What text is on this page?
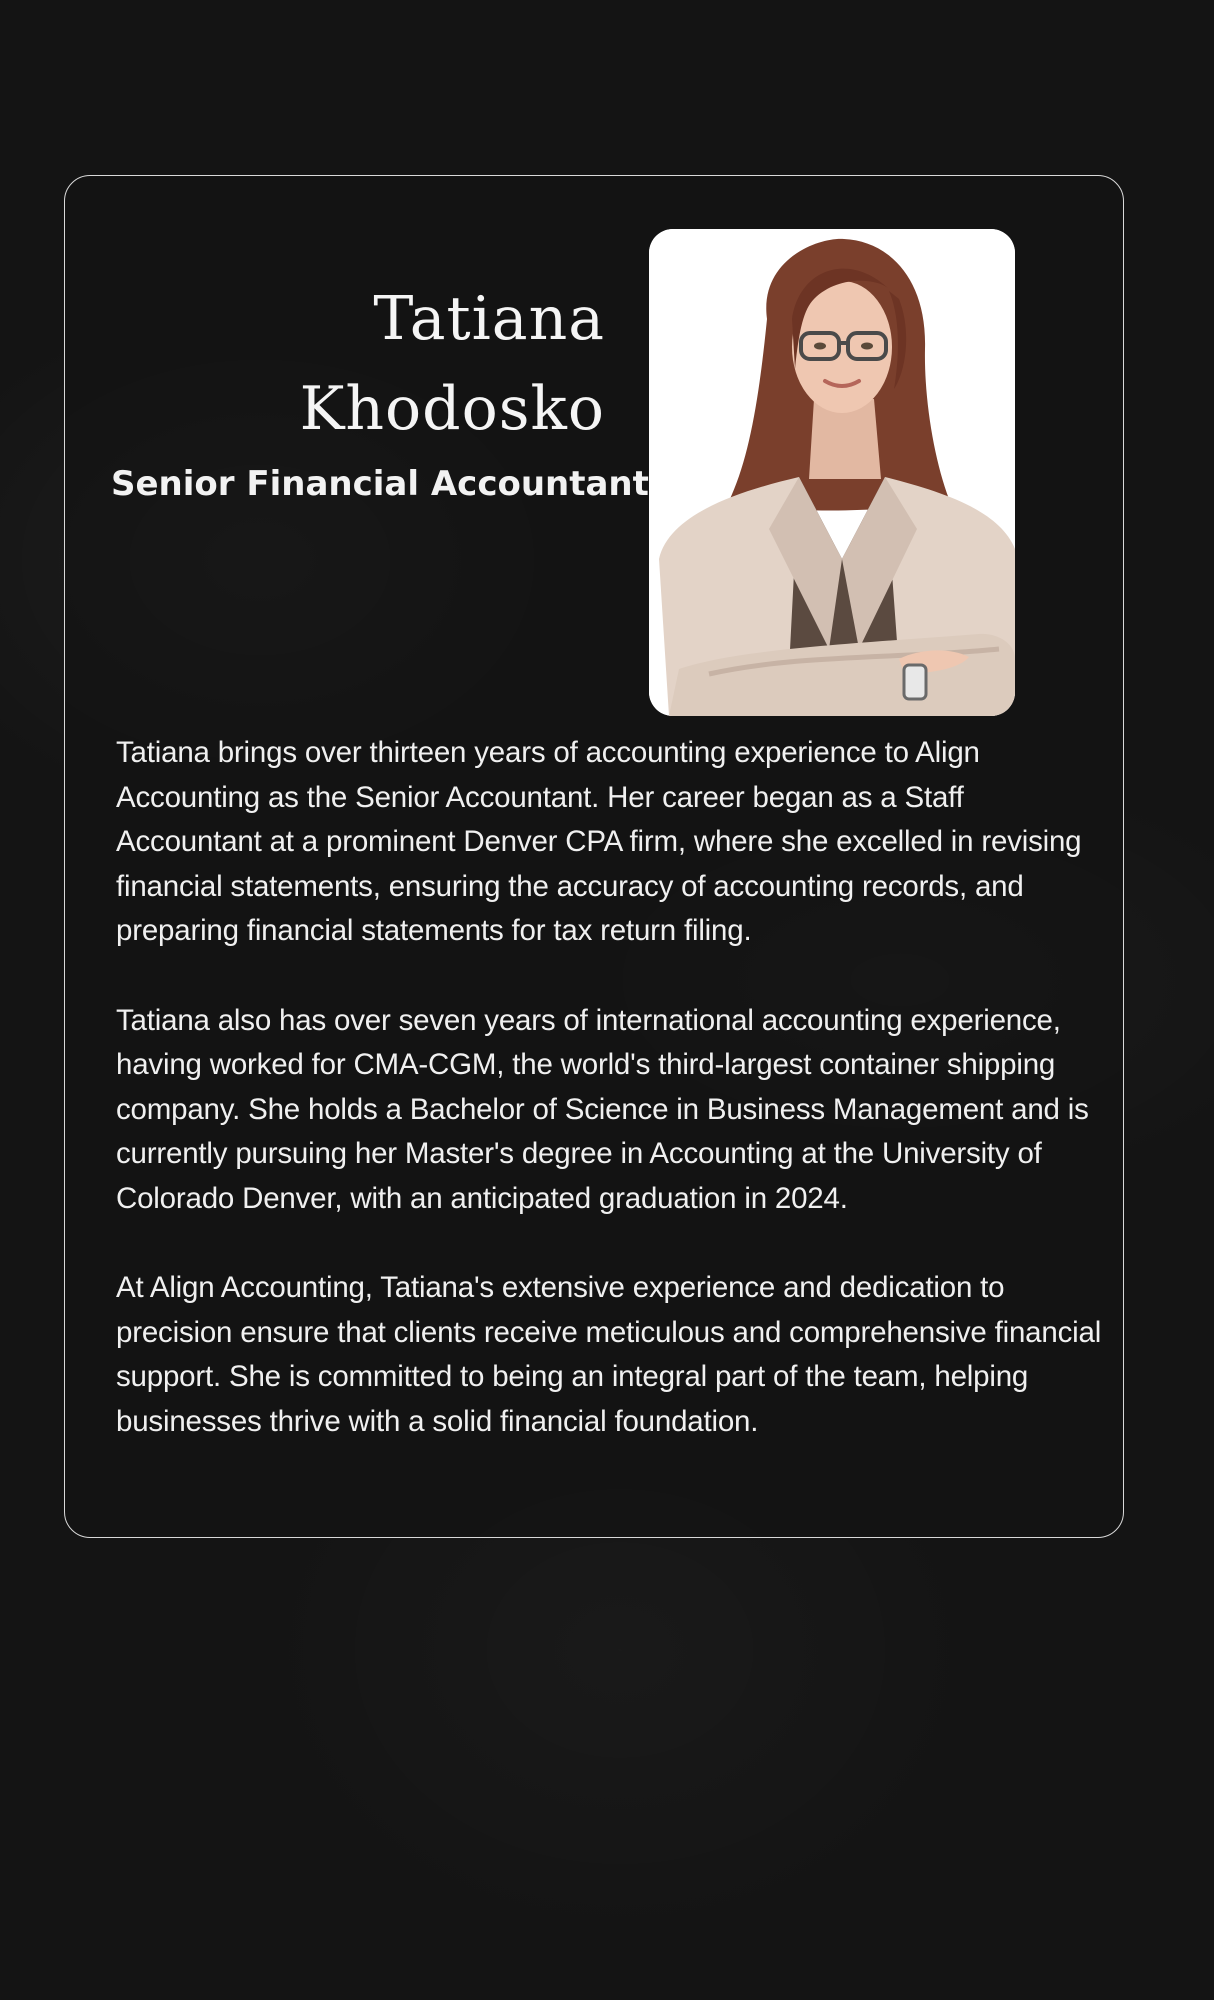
Tatiana
Khodosko
Senior Financial Accountant

Tatiana brings over thirteen years of accounting experience to Align Accounting as the Senior Accountant. Her career began as a Staff Accountant at a prominent Denver CPA firm, where she excelled in revising financial statements, ensuring the accuracy of accounting records, and preparing financial statements for tax return filing.

Tatiana also has over seven years of international accounting experience, having worked for CMA-CGM, the world's third-largest container shipping company. She holds a Bachelor of Science in Business Management and is currently pursuing her Master's degree in Accounting at the University of Colorado Denver, with an anticipated graduation in 2024.

At Align Accounting, Tatiana's extensive experience and dedication to precision ensure that clients receive meticulous and comprehensive financial support. She is committed to being an integral part of the team, helping businesses thrive with a solid financial foundation.
